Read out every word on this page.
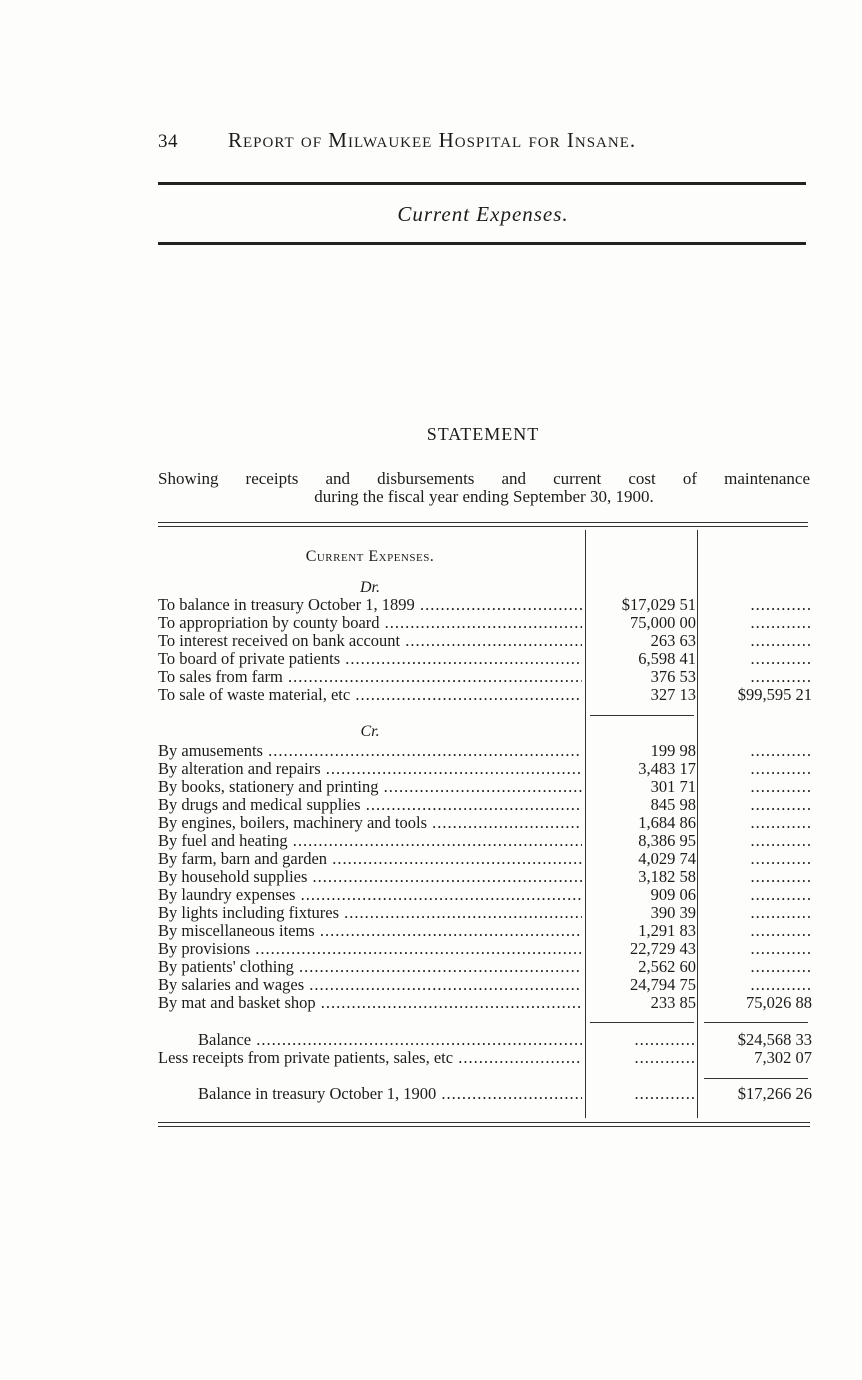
34 Report of Milwaukee Hospital for Insane.
Current Expenses.
STATEMENT
Showing receipts and disbursements and current cost of maintenance
during the fiscal year ending September 30, 1900.
Current Expenses.
Dr.
To balance in treasury October 1, 1899 .....	$17,029 51	............
To appropriation by county board .....	75,000 00	............
To interest received on bank account .....	263 63	............
To board of private patients .....	6,598 41	............
To sales from farm .....	376 53	............
To sale of waste material, etc .....	327 13	$99,595 21
Cr.
By amusements .....	199 98	............
By alteration and repairs .....	3,483 17	............
By books, stationery and printing .....	301 71	............
By drugs and medical supplies .....	845 98	............
By engines, boilers, machinery and tools .....	1,684 86	............
By fuel and heating .....	8,386 95	............
By farm, barn and garden .....	4,029 74	............
By household supplies .....	3,182 58	............
By laundry expenses .....	909 06	............
By lights including fixtures .....	390 39	............
By miscellaneous items .....	1,291 83	............
By provisions .....	22,729 43	............
By patients' clothing .....	2,562 60	............
By salaries and wages .....	24,794 75	............
By mat and basket shop .....	233 85	75,026 88
Balance .....	............	$24,568 33
Less receipts from private patients, sales, etc .....	............	7,302 07
Balance in treasury October 1, 1900 .....	............	$17,266 26
